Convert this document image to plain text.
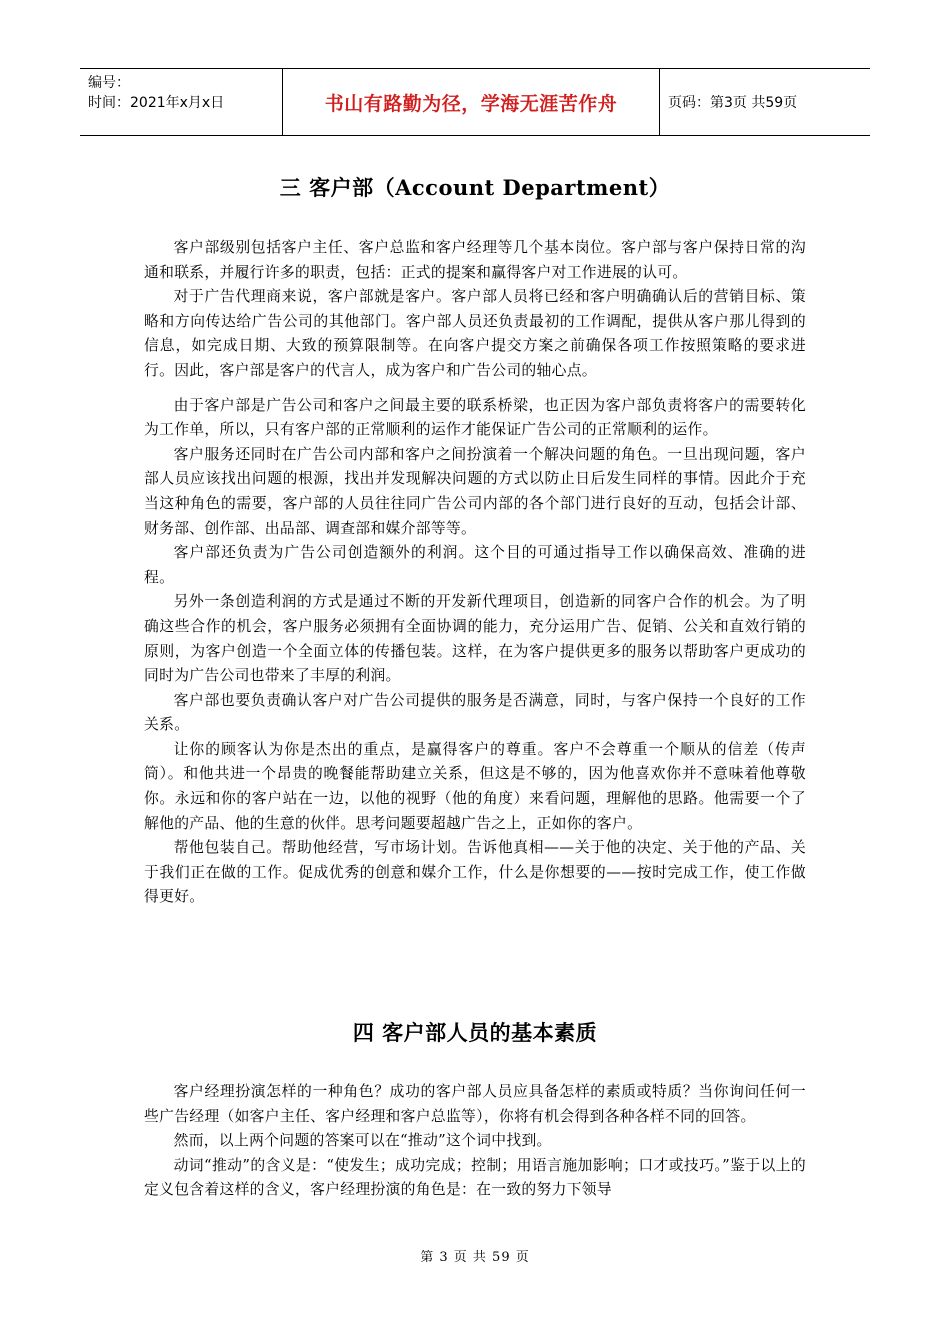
编号：
时间：2021年x月x日	书山有路勤为径，学海无涯苦作舟	页码：第3页 共59页
三 客户部（Account Department）

客户部级别包括客户主任、客户总监和客户经理等几个基本岗位。客户部与客户保持日常的沟通和联系，并履行许多的职责，包括：正式的提案和赢得客户对工作进展的认可。

对于广告代理商来说，客户部就是客户。客户部人员将已经和客户明确确认后的营销目标、策略和方向传达给广告公司的其他部门。客户部人员还负责最初的工作调配，提供从客户那儿得到的信息，如完成日期、大致的预算限制等。在向客户提交方案之前确保各项工作按照策略的要求进行。因此，客户部是客户的代言人，成为客户和广告公司的轴心点。

由于客户部是广告公司和客户之间最主要的联系桥梁，也正因为客户部负责将客户的需要转化为工作单，所以，只有客户部的正常顺利的运作才能保证广告公司的正常顺利的运作。

客户服务还同时在广告公司内部和客户之间扮演着一个解决问题的角色。一旦出现问题，客户部人员应该找出问题的根源，找出并发现解决问题的方式以防止日后发生同样的事情。因此介于充当这种角色的需要，客户部的人员往往同广告公司内部的各个部门进行良好的互动，包括会计部、财务部、创作部、出品部、调查部和媒介部等等。

客户部还负责为广告公司创造额外的利润。这个目的可通过指导工作以确保高效、准确的进程。

另外一条创造利润的方式是通过不断的开发新代理项目，创造新的同客户合作的机会。为了明确这些合作的机会，客户服务必须拥有全面协调的能力，充分运用广告、促销、公关和直效行销的原则，为客户创造一个全面立体的传播包装。这样，在为客户提供更多的服务以帮助客户更成功的同时为广告公司也带来了丰厚的利润。

客户部也要负责确认客户对广告公司提供的服务是否满意，同时，与客户保持一个良好的工作关系。

让你的顾客认为你是杰出的重点，是赢得客户的尊重。客户不会尊重一个顺从的信差（传声筒）。和他共进一个昂贵的晚餐能帮助建立关系，但这是不够的，因为他喜欢你并不意味着他尊敬你。永远和你的客户站在一边，以他的视野（他的角度）来看问题，理解他的思路。他需要一个了解他的产品、他的生意的伙伴。思考问题要超越广告之上，正如你的客户。

帮他包装自己。帮助他经营，写市场计划。告诉他真相——关于他的决定、关于他的产品、关于我们正在做的工作。促成优秀的创意和媒介工作，什么是你想要的——按时完成工作，使工作做得更好。

四 客户部人员的基本素质

客户经理扮演怎样的一种角色？成功的客户部人员应具备怎样的素质或特质？当你询问任何一些广告经理（如客户主任、客户经理和客户总监等），你将有机会得到各种各样不同的回答。

然而，以上两个问题的答案可以在“推动”这个词中找到。

动词“推动”的含义是：“使发生；成功完成；控制；用语言施加影响；口才或技巧。”鉴于以上的定义包含着这样的含义，客户经理扮演的角色是：在一致的努力下领导

第 3 页 共 59 页
